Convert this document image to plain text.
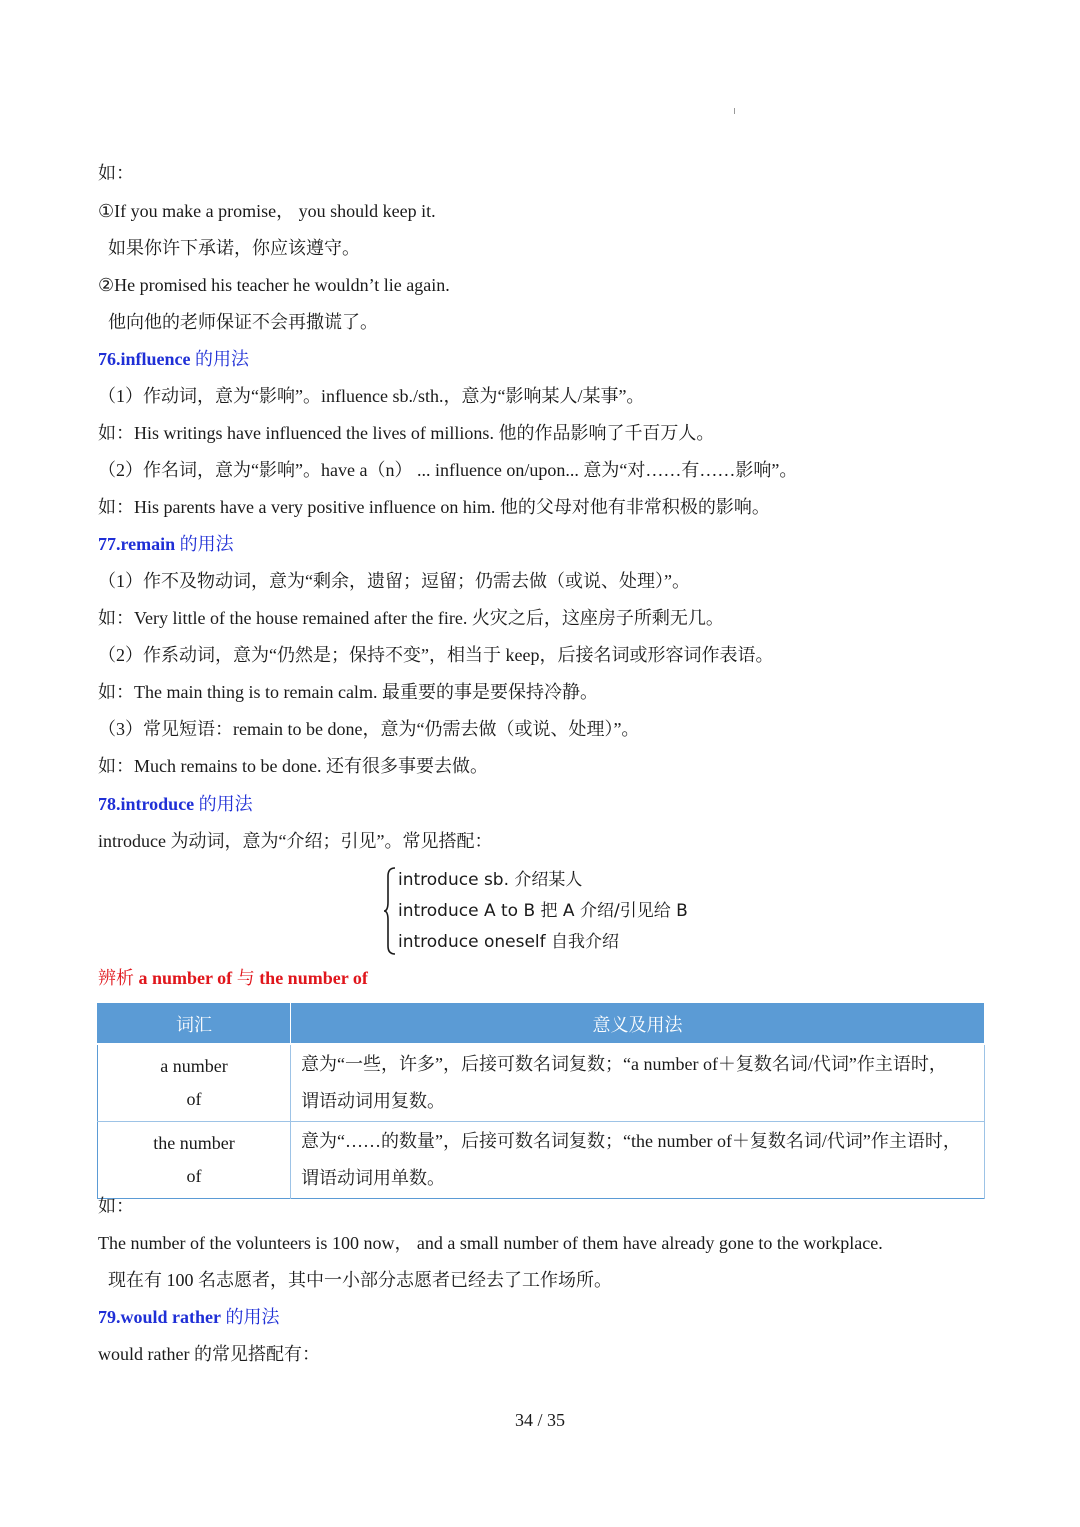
如：
①If you make a promise， you should keep it.
如果你许下承诺，你应该遵守。
②He promised his teacher he wouldn’t lie again.
他向他的老师保证不会再撒谎了。
76.influence 的用法
（1）作动词，意为“影响”。influence sb./sth.，意为“影响某人/某事”。
如：His writings have influenced the lives of millions. 他的作品影响了千百万人。
（2）作名词，意为“影响”。have a（n） ... influence on/upon... 意为“对……有……影响”。
如：His parents have a very positive influence on him. 他的父母对他有非常积极的影响。
77.remain 的用法
（1）作不及物动词，意为“剩余，遗留；逗留；仍需去做（或说、处理）”。
如：Very little of the house remained after the fire. 火灾之后，这座房子所剩无几。
（2）作系动词，意为“仍然是；保持不变”，相当于 keep，后接名词或形容词作表语。
如：The main thing is to remain calm. 最重要的事是要保持冷静。
（3）常见短语：remain to be done，意为“仍需去做（或说、处理）”。
如：Much remains to be done. 还有很多事要去做。
78.introduce 的用法
introduce 为动词，意为“介绍；引见”。常见搭配：
introduce sb. 介绍某人
introduce A to B 把 A 介绍/引见给 B
introduce oneself 自我介绍
辨析 a number of 与 the number of
词汇	意义及用法
a number
of	意为“一些，许多”，后接可数名词复数；“a number of＋复数名词/代词”作主语时，
谓语动词用复数。
the number
of	意为“……的数量”，后接可数名词复数；“the number of＋复数名词/代词”作主语时，
谓语动词用单数。
如：
The number of the volunteers is 100 now， and a small number of them have already gone to the workplace.
现在有 100 名志愿者，其中一小部分志愿者已经去了工作场所。
79.would rather 的用法
would rather 的常见搭配有：
34 / 35
